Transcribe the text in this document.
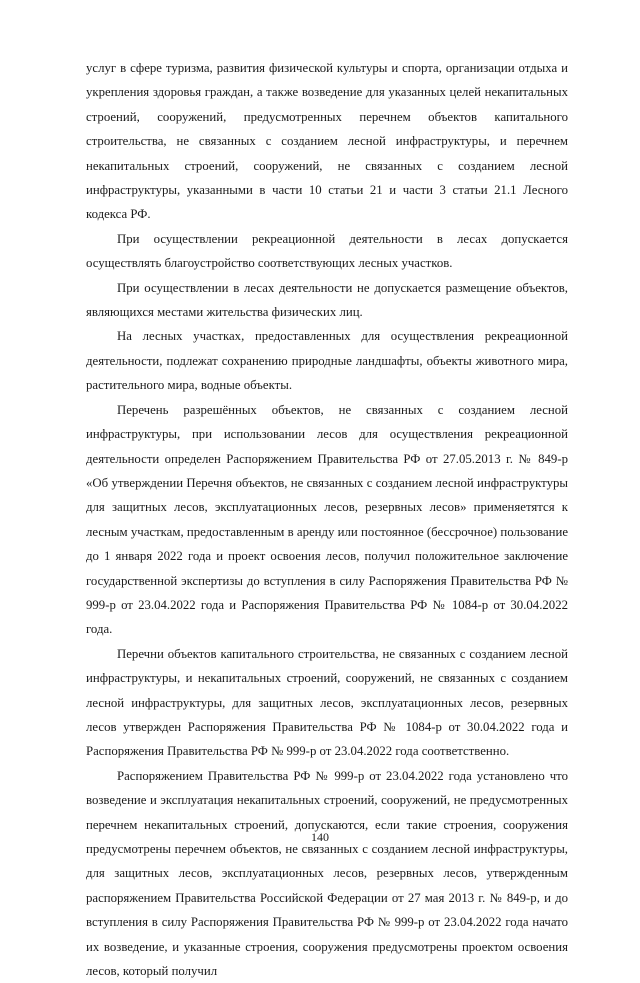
услуг в сфере туризма, развития физической культуры и спорта, организации отдыха и укрепления здоровья граждан, а также возведение для указанных целей некапитальных строений, сооружений, предусмотренных перечнем объектов капитального строительства, не связанных с созданием лесной инфраструктуры, и перечнем некапитальных строений, сооружений, не связанных с созданием лесной инфраструктуры, указанными в части 10 статьи 21 и части 3 статьи 21.1 Лесного кодекса РФ.

При осуществлении рекреационной деятельности в лесах допускается осуществлять благоустройство соответствующих лесных участков.

При осуществлении в лесах деятельности не допускается размещение объектов, являющихся местами жительства физических лиц.

На лесных участках, предоставленных для осуществления рекреационной деятельности, подлежат сохранению природные ландшафты, объекты животного мира, растительного мира, водные объекты.

Перечень разрешённых объектов, не связанных с созданием лесной инфраструктуры, при использовании лесов для осуществления рекреационной деятельности определен Распоряжением Правительства РФ от 27.05.2013 г. № 849-р «Об утверждении Перечня объектов, не связанных с созданием лесной инфраструктуры для защитных лесов, эксплуатационных лесов, резервных лесов» применяетятся к лесным участкам, предоставленным в аренду или постоянное (бессрочное) пользование до 1 января 2022 года и проект освоения лесов, получил положительное заключение государственной экспертизы до вступления в силу Распоряжения Правительства РФ № 999-р от 23.04.2022 года и Распоряжения Правительства РФ № 1084-р от 30.04.2022 года.

Перечни объектов капитального строительства, не связанных с созданием лесной инфраструктуры, и некапитальных строений, сооружений, не связанных с созданием лесной инфраструктуры, для защитных лесов, эксплуатационных лесов, резервных лесов утвержден Распоряжения Правительства РФ № 1084-р от 30.04.2022 года и Распоряжения Правительства РФ № 999-р от 23.04.2022 года соответственно.

Распоряжением Правительства РФ № 999-р от 23.04.2022 года установлено что возведение и эксплуатация некапитальных строений, сооружений, не предусмотренных перечнем некапитальных строений, допускаются, если такие строения, сооружения предусмотрены перечнем объектов, не связанных с созданием лесной инфраструктуры, для защитных лесов, эксплуатационных лесов, резервных лесов, утвержденным распоряжением Правительства Российской Федерации от 27 мая 2013 г. № 849-р, и до вступления в силу Распоряжения Правительства РФ № 999-р от 23.04.2022 года начато их возведение, и указанные строения, сооружения предусмотрены проектом освоения лесов, который получил

140
